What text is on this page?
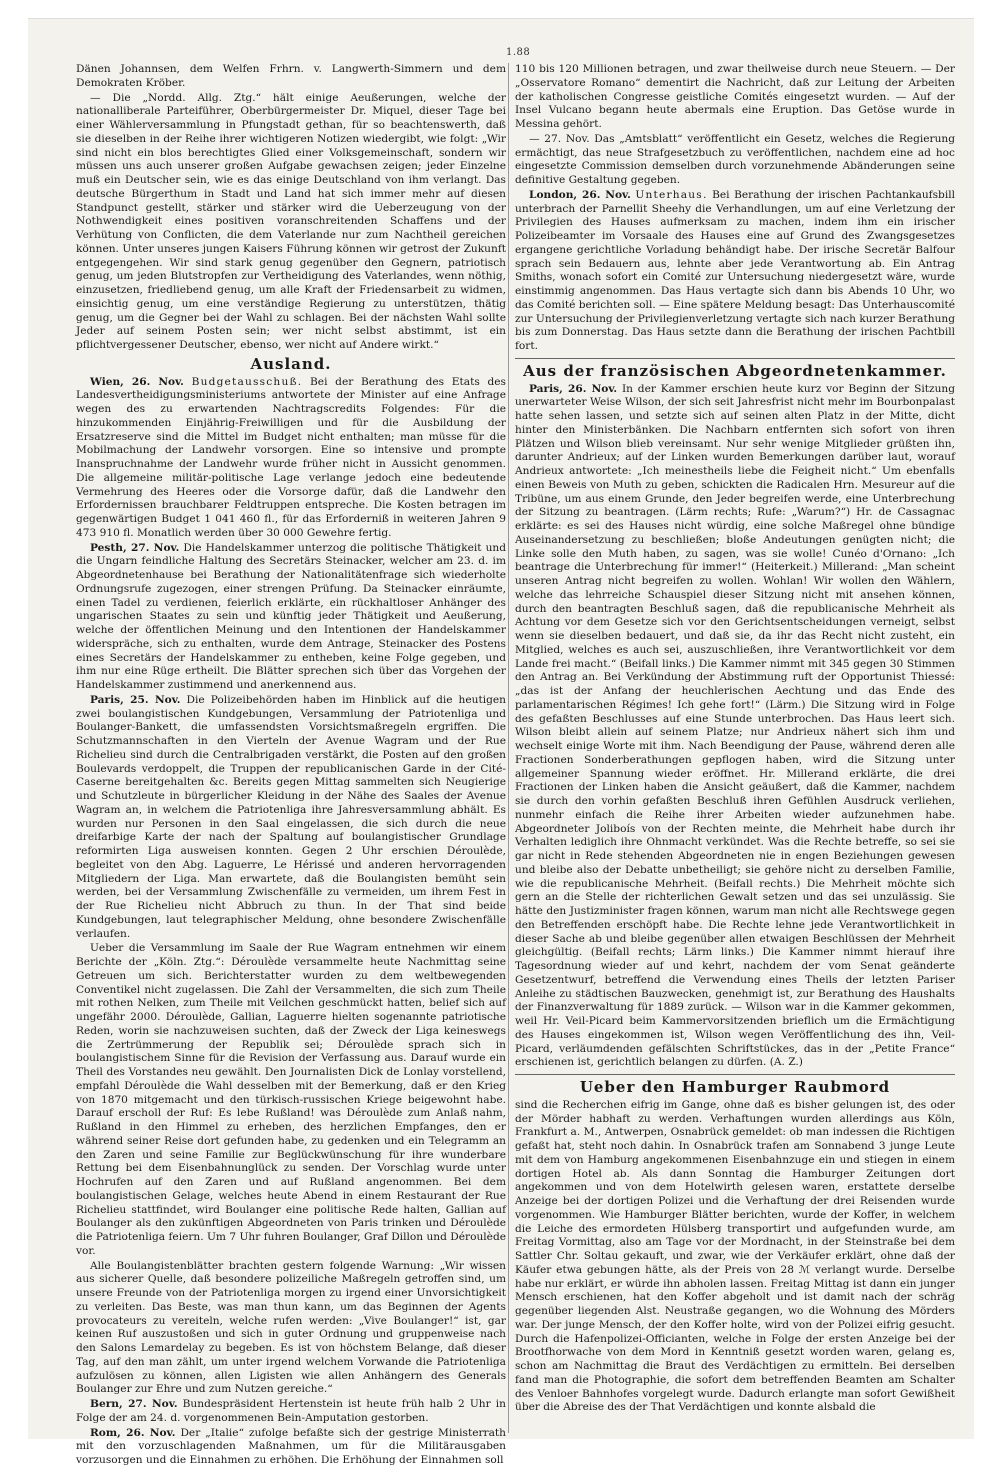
1.88

Dänen Johannsen, dem Welfen Frhrn. v. Langwerth-Simmern und dem Demokraten Kröber.

— Die „Nordd. Allg. Ztg.“ hält einige Aeußerungen, welche der nationalliberale Parteiführer, Oberbürgermeister Dr. Miquel, dieser Tage bei einer Wählerversammlung in Pfungstadt gethan, für so beachtenswerth, daß sie dieselben in der Reihe ihrer wichtigeren Notizen wiedergibt, wie folgt: „Wir sind nicht ein blos berechtigtes Glied einer Volksgemeinschaft, sondern wir müssen uns auch unserer großen Aufgabe gewachsen zeigen; jeder Einzelne muß ein Deutscher sein, wie es das einige Deutschland von ihm verlangt. Das deutsche Bürgerthum in Stadt und Land hat sich immer mehr auf diesen Standpunct gestellt, stärker und stärker wird die Ueberzeugung von der Nothwendigkeit eines positiven voranschreitenden Schaffens und der Verhütung von Conflicten, die dem Vaterlande nur zum Nachtheil gereichen können. Unter unseres jungen Kaisers Führung können wir getrost der Zukunft entgegengehen. Wir sind stark genug gegenüber den Gegnern, patriotisch genug, um jeden Blutstropfen zur Vertheidigung des Vaterlandes, wenn nöthig, einzusetzen, friedliebend genug, um alle Kraft der Friedensarbeit zu widmen, einsichtig genug, um eine verständige Regierung zu unterstützen, thätig genug, um die Gegner bei der Wahl zu schlagen. Bei der nächsten Wahl sollte Jeder auf seinem Posten sein; wer nicht selbst abstimmt, ist ein pflichtvergessener Deutscher, ebenso, wer nicht auf Andere wirkt.“

Ausland.

Wien, 26. Nov. Budgetausschuß. Bei der Berathung des Etats des Landesvertheidigungsministeriums antwortete der Minister auf eine Anfrage wegen des zu erwartenden Nachtragscredits Folgendes: Für die hinzukommenden Einjährig-Freiwilligen und für die Ausbildung der Ersatzreserve sind die Mittel im Budget nicht enthalten; man müsse für die Mobilmachung der Landwehr vorsorgen. Eine so intensive und prompte Inanspruchnahme der Landwehr wurde früher nicht in Aussicht genommen. Die allgemeine militär-politische Lage verlange jedoch eine bedeutende Vermehrung des Heeres oder die Vorsorge dafür, daß die Landwehr den Erfordernissen brauchbarer Feldtruppen entspreche. Die Kosten betragen im gegenwärtigen Budget 1 041 460 fl., für das Erforderniß in weiteren Jahren 9 473 910 fl. Monatlich werden über 30 000 Gewehre fertig.

Pesth, 27. Nov. Die Handelskammer unterzog die politische Thätigkeit und die Ungarn feindliche Haltung des Secretärs Steinacker, welcher am 23. d. im Abgeordnetenhause bei Berathung der Nationalitätenfrage sich wiederholte Ordnungsrufe zugezogen, einer strengen Prüfung. Da Steinacker einräumte, einen Tadel zu verdienen, feierlich erklärte, ein rückhaltloser Anhänger des ungarischen Staates zu sein und künftig jeder Thätigkeit und Aeußerung, welche der öffentlichen Meinung und den Intentionen der Handelskammer widerspräche, sich zu enthalten, wurde dem Antrage, Steinacker des Postens eines Secretärs der Handelskammer zu entheben, keine Folge gegeben, und ihm nur eine Rüge ertheilt. Die Blätter sprechen sich über das Vorgehen der Handelskammer zustimmend und anerkennend aus.

Paris, 25. Nov. Die Polizeibehörden haben im Hinblick auf die heutigen zwei boulangistischen Kundgebungen, Versammlung der Patriotenliga und Boulanger-Bankett, die umfassendsten Vorsichtsmaßregeln ergriffen. Die Schutzmannschaften in den Vierteln der Avenue Wagram und der Rue Richelieu sind durch die Centralbrigaden verstärkt, die Posten auf den großen Boulevards verdoppelt, die Truppen der republicanischen Garde in der Cité-Caserne bereitgehalten &c. Bereits gegen Mittag sammelten sich Neugierige und Schutzleute in bürgerlicher Kleidung in der Nähe des Saales der Avenue Wagram an, in welchem die Patriotenliga ihre Jahresversammlung abhält. Es wurden nur Personen in den Saal eingelassen, die sich durch die neue dreifarbige Karte der nach der Spaltung auf boulangistischer Grundlage reformirten Liga ausweisen konnten. Gegen 2 Uhr erschien Déroulède, begleitet von den Abg. Laguerre, Le Hérissé und anderen hervorragenden Mitgliedern der Liga. Man erwartete, daß die Boulangisten bemüht sein werden, bei der Versammlung Zwischenfälle zu vermeiden, um ihrem Fest in der Rue Richelieu nicht Abbruch zu thun. In der That sind beide Kundgebungen, laut telegraphischer Meldung, ohne besondere Zwischenfälle verlaufen.

Ueber die Versammlung im Saale der Rue Wagram entnehmen wir einem Berichte der „Köln. Ztg.“: Déroulède versammelte heute Nachmittag seine Getreuen um sich. Berichterstatter wurden zu dem weltbewegenden Conventikel nicht zugelassen. Die Zahl der Versammelten, die sich zum Theile mit rothen Nelken, zum Theile mit Veilchen geschmückt hatten, belief sich auf ungefähr 2000. Déroulède, Gallian, Laguerre hielten sogenannte patriotische Reden, worin sie nachzuweisen suchten, daß der Zweck der Liga keineswegs die Zertrümmerung der Republik sei; Déroulède sprach sich in boulangistischem Sinne für die Revision der Verfassung aus. Darauf wurde ein Theil des Vorstandes neu gewählt. Den Journalisten Dick de Lonlay vorstellend, empfahl Déroulède die Wahl desselben mit der Bemerkung, daß er den Krieg von 1870 mitgemacht und den türkisch-russischen Kriege beigewohnt habe. Darauf erscholl der Ruf: Es lebe Rußland! was Déroulède zum Anlaß nahm, Rußland in den Himmel zu erheben, des herzlichen Empfanges, den er während seiner Reise dort gefunden habe, zu gedenken und ein Telegramm an den Zaren und seine Familie zur Beglückwünschung für ihre wunderbare Rettung bei dem Eisenbahnunglück zu senden. Der Vorschlag wurde unter Hochrufen auf den Zaren und auf Rußland angenommen. Bei dem boulangistischen Gelage, welches heute Abend in einem Restaurant der Rue Richelieu stattfindet, wird Boulanger eine politische Rede halten, Gallian auf Boulanger als den zukünftigen Abgeordneten von Paris trinken und Déroulède die Patriotenliga feiern. Um 7 Uhr fuhren Boulanger, Graf Dillon und Déroulède vor.

Alle Boulangistenblätter brachten gestern folgende Warnung: „Wir wissen aus sicherer Quelle, daß besondere polizeiliche Maßregeln getroffen sind, um unsere Freunde von der Patriotenliga morgen zu irgend einer Unvorsichtigkeit zu verleiten. Das Beste, was man thun kann, um das Beginnen der Agents provocateurs zu vereiteln, welche rufen werden: „Vive Boulanger!“ ist, gar keinen Ruf auszustoßen und sich in guter Ordnung und gruppenweise nach den Salons Lemardelay zu begeben. Es ist von höchstem Belange, daß dieser Tag, auf den man zählt, um unter irgend welchem Vorwande die Patriotenliga aufzulösen zu können, allen Ligisten wie allen Anhängern des Generals Boulanger zur Ehre und zum Nutzen gereiche.“

Bern, 27. Nov. Bundespräsident Hertenstein ist heute früh halb 2 Uhr in Folge der am 24. d. vorgenommenen Bein-Amputation gestorben.

Rom, 26. Nov. Der „Italie“ zufolge befaßte sich der gestrige Ministerrath mit den vorzuschlagenden Maßnahmen, um für die Militärausgaben vorzusorgen und die Einnahmen zu erhöhen. Die Erhöhung der Einnahmen soll

110 bis 120 Millionen betragen, und zwar theilweise durch neue Steuern. — Der „Osservatore Romano“ dementirt die Nachricht, daß zur Leitung der Arbeiten der katholischen Congresse geistliche Comités eingesetzt wurden. — Auf der Insel Vulcano begann heute abermals eine Eruption. Das Getöse wurde in Messina gehört.

— 27. Nov. Das „Amtsblatt“ veröffentlicht ein Gesetz, welches die Regierung ermächtigt, das neue Strafgesetzbuch zu veröffentlichen, nachdem eine ad hoc eingesetzte Commission demselben durch vorzunehmende Abänderungen seine definitive Gestaltung gegeben.

London, 26. Nov. Unterhaus. Bei Berathung der irischen Pachtankaufsbill unterbrach der Parnellit Sheehy die Verhandlungen, um auf eine Verletzung der Privilegien des Hauses aufmerksam zu machen, indem ihm ein irischer Polizeibeamter im Vorsaale des Hauses eine auf Grund des Zwangsgesetzes ergangene gerichtliche Vorladung behändigt habe. Der irische Secretär Balfour sprach sein Bedauern aus, lehnte aber jede Verantwortung ab. Ein Antrag Smiths, wonach sofort ein Comité zur Untersuchung niedergesetzt wäre, wurde einstimmig angenommen. Das Haus vertagte sich dann bis Abends 10 Uhr, wo das Comité berichten soll. — Eine spätere Meldung besagt: Das Unterhauscomité zur Untersuchung der Privilegienverletzung vertagte sich nach kurzer Berathung bis zum Donnerstag. Das Haus setzte dann die Berathung der irischen Pachtbill fort.

Aus der französischen Abgeordnetenkammer.

Paris, 26. Nov. In der Kammer erschien heute kurz vor Beginn der Sitzung unerwarteter Weise Wilson, der sich seit Jahresfrist nicht mehr im Bourbonpalast hatte sehen lassen, und setzte sich auf seinen alten Platz in der Mitte, dicht hinter den Ministerbänken. Die Nachbarn entfernten sich sofort von ihren Plätzen und Wilson blieb vereinsamt. Nur sehr wenige Mitglieder grüßten ihn, darunter Andrieux; auf der Linken wurden Bemerkungen darüber laut, worauf Andrieux antwortete: „Ich meinestheils liebe die Feigheit nicht.“ Um ebenfalls einen Beweis von Muth zu geben, schickten die Radicalen Hrn. Mesureur auf die Tribüne, um aus einem Grunde, den Jeder begreifen werde, eine Unterbrechung der Sitzung zu beantragen. (Lärm rechts; Rufe: „Warum?“) Hr. de Cassagnac erklärte: es sei des Hauses nicht würdig, eine solche Maßregel ohne bündige Auseinandersetzung zu beschließen; bloße Andeutungen genügten nicht; die Linke solle den Muth haben, zu sagen, was sie wolle! Cunéo d'Ornano: „Ich beantrage die Unterbrechung für immer!“ (Heiterkeit.) Millerand: „Man scheint unseren Antrag nicht begreifen zu wollen. Wohlan! Wir wollen den Wählern, welche das lehrreiche Schauspiel dieser Sitzung nicht mit ansehen können, durch den beantragten Beschluß sagen, daß die republicanische Mehrheit als Achtung vor dem Gesetze sich vor den Gerichtsentscheidungen verneigt, selbst wenn sie dieselben bedauert, und daß sie, da ihr das Recht nicht zusteht, ein Mitglied, welches es auch sei, auszuschließen, ihre Verantwortlichkeit vor dem Lande frei macht.“ (Beifall links.) Die Kammer nimmt mit 345 gegen 30 Stimmen den Antrag an. Bei Verkündung der Abstimmung ruft der Opportunist Thiessé: „das ist der Anfang der heuchlerischen Aechtung und das Ende des parlamentarischen Régimes! Ich gehe fort!“ (Lärm.) Die Sitzung wird in Folge des gefaßten Beschlusses auf eine Stunde unterbrochen. Das Haus leert sich. Wilson bleibt allein auf seinem Platze; nur Andrieux nähert sich ihm und wechselt einige Worte mit ihm. Nach Beendigung der Pause, während deren alle Fractionen Sonderberathungen gepflogen haben, wird die Sitzung unter allgemeiner Spannung wieder eröffnet. Hr. Millerand erklärte, die drei Fractionen der Linken haben die Ansicht geäußert, daß die Kammer, nachdem sie durch den vorhin gefaßten Beschluß ihren Gefühlen Ausdruck verliehen, nunmehr einfach die Reihe ihrer Arbeiten wieder aufzunehmen habe. Abgeordneter Joliboís von der Rechten meinte, die Mehrheit habe durch ihr Verhalten lediglich ihre Ohnmacht verkündet. Was die Rechte betreffe, so sei sie gar nicht in Rede stehenden Abgeordneten nie in engen Beziehungen gewesen und bleibe also der Debatte unbetheiligt; sie gehöre nicht zu derselben Familie, wie die republicanische Mehrheit. (Beifall rechts.) Die Mehrheit möchte sich gern an die Stelle der richterlichen Gewalt setzen und das sei unzulässig. Sie hätte den Justizminister fragen können, warum man nicht alle Rechtswege gegen den Betreffenden erschöpft habe. Die Rechte lehne jede Verantwortlichkeit in dieser Sache ab und bleibe gegenüber allen etwaigen Beschlüssen der Mehrheit gleichgültig. (Beifall rechts; Lärm links.) Die Kammer nimmt hierauf ihre Tagesordnung wieder auf und kehrt, nachdem der vom Senat geänderte Gesetzentwurf, betreffend die Verwendung eines Theils der letzten Pariser Anleihe zu städtischen Bauzwecken, genehmigt ist, zur Berathung des Haushalts der Finanzverwaltung für 1889 zurück. — Wilson war in die Kammer gekommen, weil Hr. Veil-Picard beim Kammervorsitzenden brieflich um die Ermächtigung des Hauses eingekommen ist, Wilson wegen Veröffentlichung des ihn, Veil-Picard, verläumdenden gefälschten Schriftstückes, das in der „Petite France“ erschienen ist, gerichtlich belangen zu dürfen. (A. Z.)

Ueber den Hamburger Raubmord

sind die Recherchen eifrig im Gange, ohne daß es bisher gelungen ist, des oder der Mörder habhaft zu werden. Verhaftungen wurden allerdings aus Köln, Frankfurt a. M., Antwerpen, Osnabrück gemeldet: ob man indessen die Richtigen gefaßt hat, steht noch dahin. In Osnabrück trafen am Sonnabend 3 junge Leute mit dem von Hamburg angekommenen Eisenbahnzuge ein und stiegen in einem dortigen Hotel ab. Als dann Sonntag die Hamburger Zeitungen dort angekommen und von dem Hotelwirth gelesen waren, erstattete derselbe Anzeige bei der dortigen Polizei und die Verhaftung der drei Reisenden wurde vorgenommen. Wie Hamburger Blätter berichten, wurde der Koffer, in welchem die Leiche des ermordeten Hülsberg transportirt und aufgefunden wurde, am Freitag Vormittag, also am Tage vor der Mordnacht, in der Steinstraße bei dem Sattler Chr. Soltau gekauft, und zwar, wie der Verkäufer erklärt, ohne daß der Käufer etwa gebungen hätte, als der Preis von 28 ℳ verlangt wurde. Derselbe habe nur erklärt, er würde ihn abholen lassen. Freitag Mittag ist dann ein junger Mensch erschienen, hat den Koffer abgeholt und ist damit nach der schräg gegenüber liegenden Alst. Neustraße gegangen, wo die Wohnung des Mörders war. Der junge Mensch, der den Koffer holte, wird von der Polizei eifrig gesucht. Durch die Hafenpolizei-Officianten, welche in Folge der ersten Anzeige bei der Brootfhorwache von dem Mord in Kenntniß gesetzt worden waren, gelang es, schon am Nachmittag die Braut des Verdächtigen zu ermitteln. Bei derselben fand man die Photographie, die sofort dem betreffenden Beamten am Schalter des Venloer Bahnhofes vorgelegt wurde. Dadurch erlangte man sofort Gewißheit über die Abreise des der That Verdächtigen und konnte alsbald die
